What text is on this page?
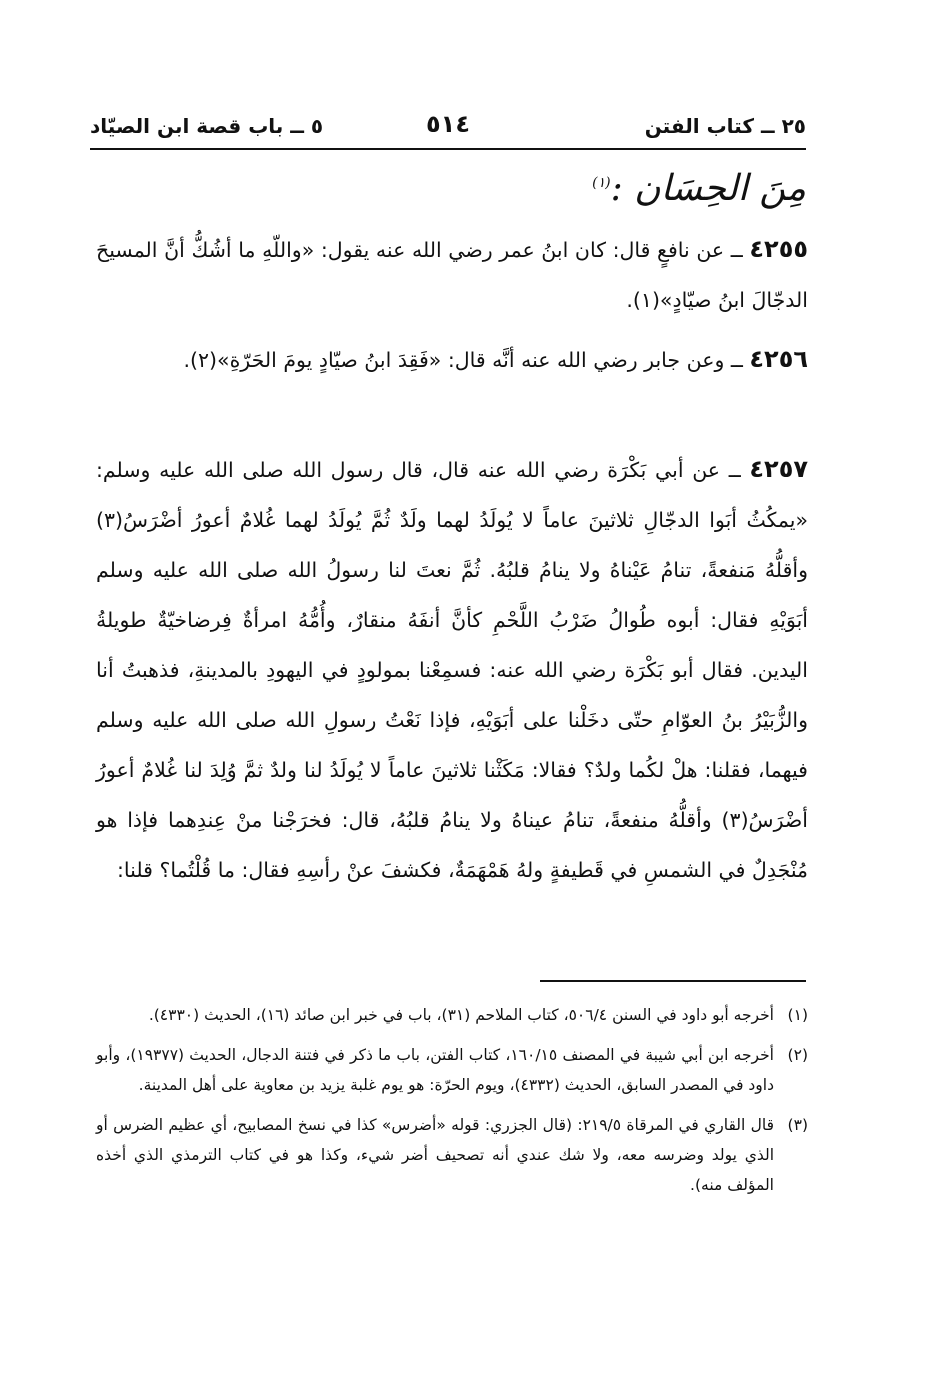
٢٥ ــ كتاب الفتن
٥١٤
٥ ــ باب قصة ابن الصيّاد
مِنَ الحِسَان :$^{(١)}$
٤٢٥٥ ــ عن نافعٍ قال: كان ابنُ عمر رضي الله عنه يقول: «واللّهِ ما أشُكُّ أنَّ المسيحَ الدجّالَ ابنُ صيّادٍ»(١).
٤٢٥٦ ــ وعن جابر رضي الله عنه أنَّه قال: «فَقِدَ ابنُ صيّادٍ يومَ الحَرّةِ»(٢).
٤٢٥٧ ــ عن أبي بَكْرَة رضي الله عنه قال، قال رسول الله صلى الله عليه وسلم: «يمكُثُ أبَوا الدجّالِ ثلاثينَ عاماً لا يُولَدُ لهما ولَدٌ ثُمَّ يُولَدُ لهما غُلامٌ أعورُ أضْرَسُ(٣) وأقلُّهُ مَنفعةً، تنامُ عَيْناهُ ولا ينامُ قلبُهُ. ثُمَّ نعتَ لنا رسولُ الله صلى الله عليه وسلم أبَوَيْهِ فقال: أبوه طُوالُ ضَرْبُ اللَّحْمِ كأنَّ أنفَهُ منقارٌ، وأُمُّهُ امرأةٌ فِرضاخيّةٌ طويلةُ اليدين. فقال أبو بَكْرَة رضي الله عنه: فسمِعْنا بمولودٍ في اليهودِ بالمدينةِ، فذهبتُ أنا والزُّبَيْرُ بنُ العوّامِ حتّى دخَلْنا على أبَوَيْهِ، فإذا نَعْتُ رسولِ الله صلى الله عليه وسلم فيهما، فقلنا: هلْ لكُما ولدٌ؟ فقالا: مَكَثْنا ثلاثينَ عاماً لا يُولَدُ لنا ولدٌ ثمَّ وُلِدَ لنا غُلامٌ أعورُ أضْرَسُ(٣) وأقلُّهُ منفعةً، تنامُ عيناهُ ولا ينامُ قلبُهُ، قال: فخرَجْنا منْ عِندِهما فإذا هو مُنْجَدِلٌ في الشمسِ في قَطيفةٍ ولهُ هَمْهَمَةٌ، فكشفَ عنْ رأسِهِ فقال: ما قُلْتُما؟ قلنا:
(١)
أخرجه أبو داود في السنن ٥٠٦/٤، كتاب الملاحم (٣١)، باب في خبر ابن صائد (١٦)، الحديث (٤٣٣٠).
(٢)
أخرجه ابن أبي شيبة في المصنف ١٦٠/١٥، كتاب الفتن، باب ما ذكر في فتنة الدجال، الحديث (١٩٣٧٧)، وأبو داود في المصدر السابق، الحديث (٤٣٣٢)، ويوم الحرّة: هو يوم غلبة يزيد بن معاوية على أهل المدينة.
(٣)
قال القاري في المرقاة ٢١٩/٥: (قال الجزري: قوله «أضرس» كذا في نسخ المصابيح، أي عظيم الضرس أو الذي يولد وضرسه معه، ولا شك عندي أنه تصحيف أضر شيء، وكذا هو في كتاب الترمذي الذي أخذه المؤلف منه).
